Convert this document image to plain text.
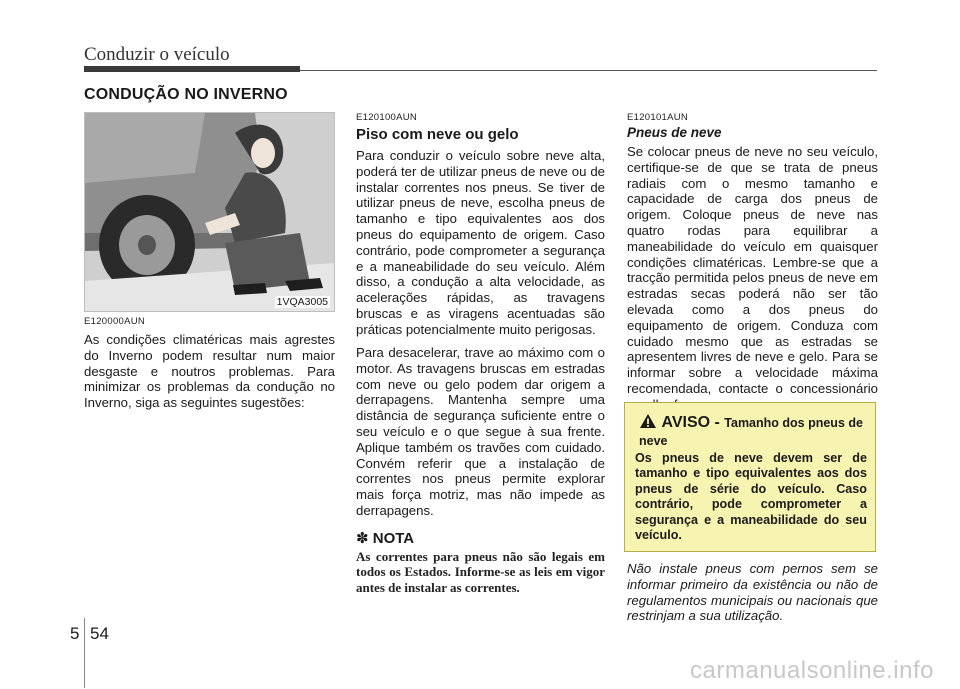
Conduzir o veículo
CONDUÇÃO NO INVERNO
1VQA3005
E120000AUN

As condições climatéricas mais agrestes do Inverno podem resultar num maior desgaste e noutros problemas. Para minimizar os problemas da condução no Inverno, siga as seguintes sugestões:

E120100AUN
Piso com neve ou gelo

Para conduzir o veículo sobre neve alta, poderá ter de utilizar pneus de neve ou de instalar correntes nos pneus. Se tiver de utilizar pneus de neve, escolha pneus de tamanho e tipo equivalentes aos dos pneus do equipamento de origem. Caso contrário, pode comprometer a segurança e a maneabilidade do seu veículo. Além disso, a condução a alta velocidade, as acelerações rápidas, as travagens bruscas e as viragens acentuadas são práticas potencialmente muito perigosas.

Para desacelerar, trave ao máximo com o motor. As travagens bruscas em estradas com neve ou gelo podem dar origem a derrapagens. Mantenha sempre uma distância de segurança suficiente entre o seu veículo e o que segue à sua frente. Aplique também os travões com cuidado. Convém referir que a instalação de correntes nos pneus permite explorar mais força motriz, mas não impede as derrapagens.

✽ NOTA
As correntes para pneus não são legais em todos os Estados. Informe-se as leis em vigor antes de instalar as correntes.
E120101AUN
Pneus de neve

Se colocar pneus de neve no seu veículo, certifique-se de que se trata de pneus radiais com o mesmo tamanho e capacidade de carga dos pneus de origem. Coloque pneus de neve nas quatro rodas para equilibrar a maneabilidade do veículo em quaisquer condições climatéricas. Lembre-se que a tracção permitida pelos pneus de neve em estradas secas poderá não ser tão elevada como a dos pneus do equipamento de origem. Conduza com cuidado mesmo que as estradas se apresentem livres de neve e gelo. Para se informar sobre a velocidade máxima recomendada, contacte o concessionário

AVISO - Tamanho dos pneus de neve
Os pneus de neve devem ser de tamanho e tipo equivalentes aos dos pneus de série do veículo. Caso contrário, pode comprometer a segurança e a maneabilidade do seu veículo.

Não instale pneus com pernos sem se informar primeiro da existência ou não de regulamentos municipais ou nacionais que restrinjam a sua utilização.

5 54
carmanualsonline.info
